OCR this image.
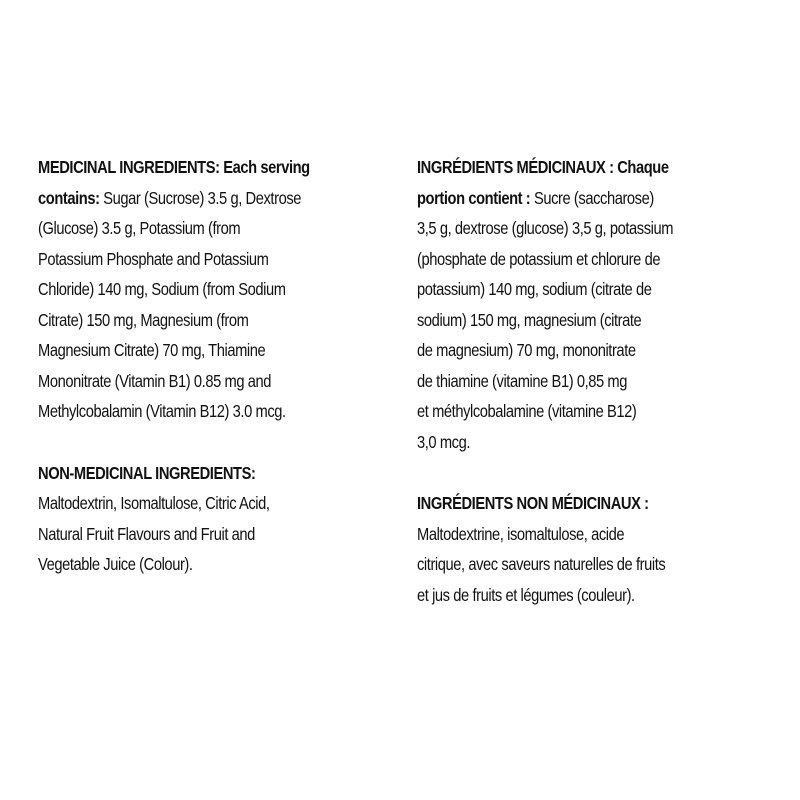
MEDICINAL INGREDIENTS: Each serving
contains: Sugar (Sucrose) 3.5 g, Dextrose
(Glucose) 3.5 g, Potassium (from
Potassium Phosphate and Potassium
Chloride) 140 mg, Sodium (from Sodium
Citrate) 150 mg, Magnesium (from
Magnesium Citrate) 70 mg, Thiamine
Mononitrate (Vitamin B1) 0.85 mg and
Methylcobalamin (Vitamin B12) 3.0 mcg.
NON-MEDICINAL INGREDIENTS:
Maltodextrin, Isomaltulose, Citric Acid,
Natural Fruit Flavours and Fruit and
Vegetable Juice (Colour).
INGRÉDIENTS MÉDICINAUX : Chaque
portion contient : Sucre (saccharose)
3,5 g, dextrose (glucose) 3,5 g, potassium
(phosphate de potassium et chlorure de
potassium) 140 mg, sodium (citrate de
sodium) 150 mg, magnesium (citrate
de magnesium) 70 mg, mononitrate
de thiamine (vitamine B1) 0,85 mg
et méthylcobalamine (vitamine B12)
3,0 mcg.
INGRÉDIENTS NON MÉDICINAUX :
Maltodextrine, isomaltulose, acide
citrique, avec saveurs naturelles de fruits
et jus de fruits et légumes (couleur).
